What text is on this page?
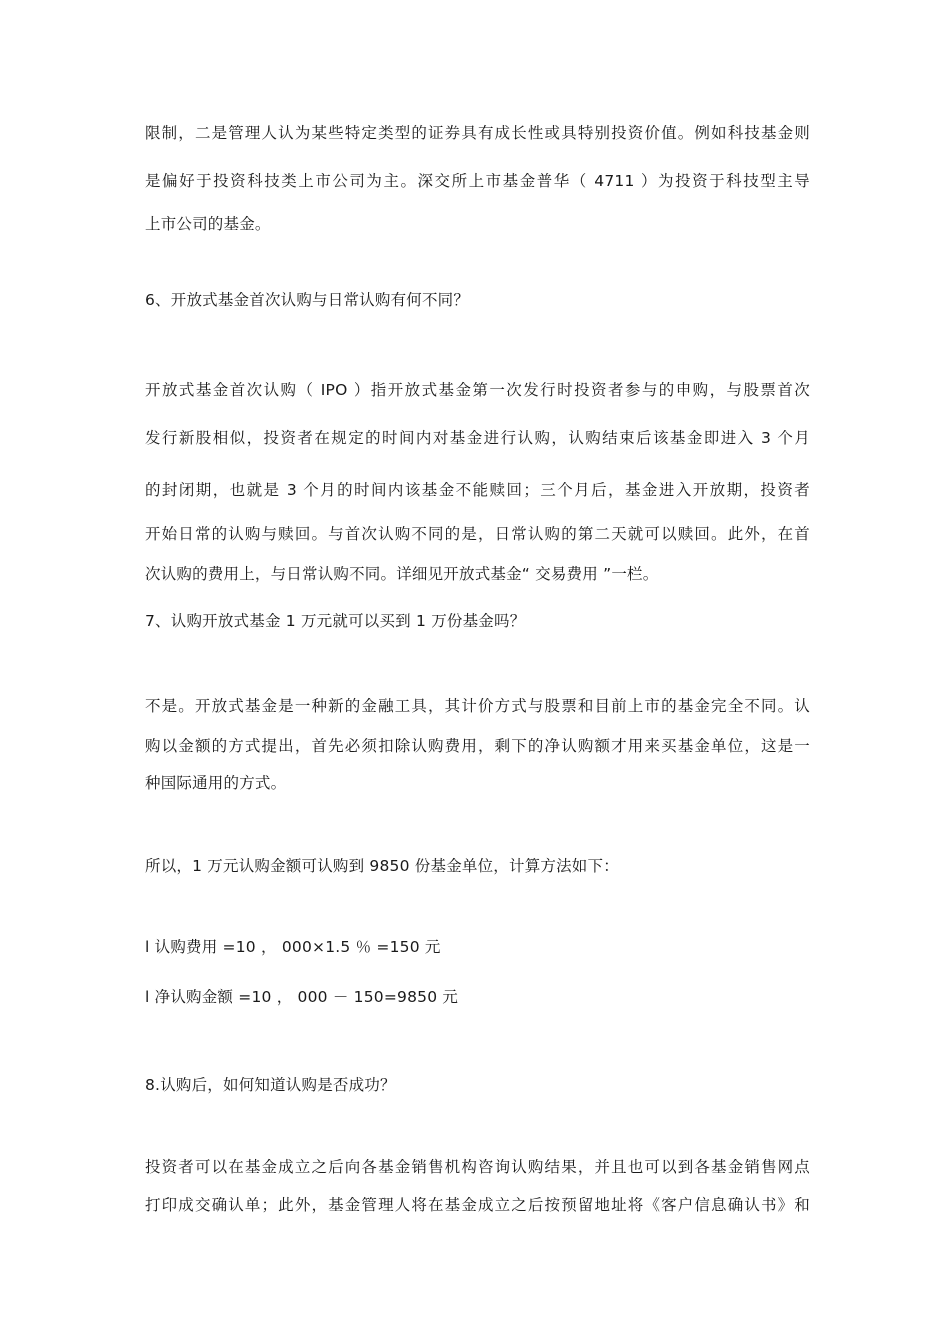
限制，二是管理人认为某些特定类型的证券具有成长性或具特别投资价值。例如科技基金则
是偏好于投资科技类上市公司为主。深交所上市基金普华（ 4711 ）为投资于科技型主导
上市公司的基金。
6、开放式基金首次认购与日常认购有何不同？
开放式基金首次认购（ IPO ）指开放式基金第一次发行时投资者参与的申购，与股票首次
发行新股相似，投资者在规定的时间内对基金进行认购，认购结束后该基金即进入 3 个月
的封闭期，也就是 3 个月的时间内该基金不能赎回；三个月后，基金进入开放期，投资者
开始日常的认购与赎回。与首次认购不同的是，日常认购的第二天就可以赎回。此外，在首
次认购的费用上，与日常认购不同。详细见开放式基金“ 交易费用 ”一栏。
7、认购开放式基金 1 万元就可以买到 1 万份基金吗？
不是。开放式基金是一种新的金融工具，其计价方式与股票和目前上市的基金完全不同。认
购以金额的方式提出，首先必须扣除认购费用，剩下的净认购额才用来买基金单位，这是一
种国际通用的方式。
所以，1 万元认购金额可认购到 9850 份基金单位，计算方法如下：
l 认购费用 =10 ， 000×1.5 ％ =150 元
l 净认购金额 =10 ， 000 － 150=9850 元
8.认购后，如何知道认购是否成功？
投资者可以在基金成立之后向各基金销售机构咨询认购结果，并且也可以到各基金销售网点
打印成交确认单；此外，基金管理人将在基金成立之后按预留地址将《客户信息确认书》和
